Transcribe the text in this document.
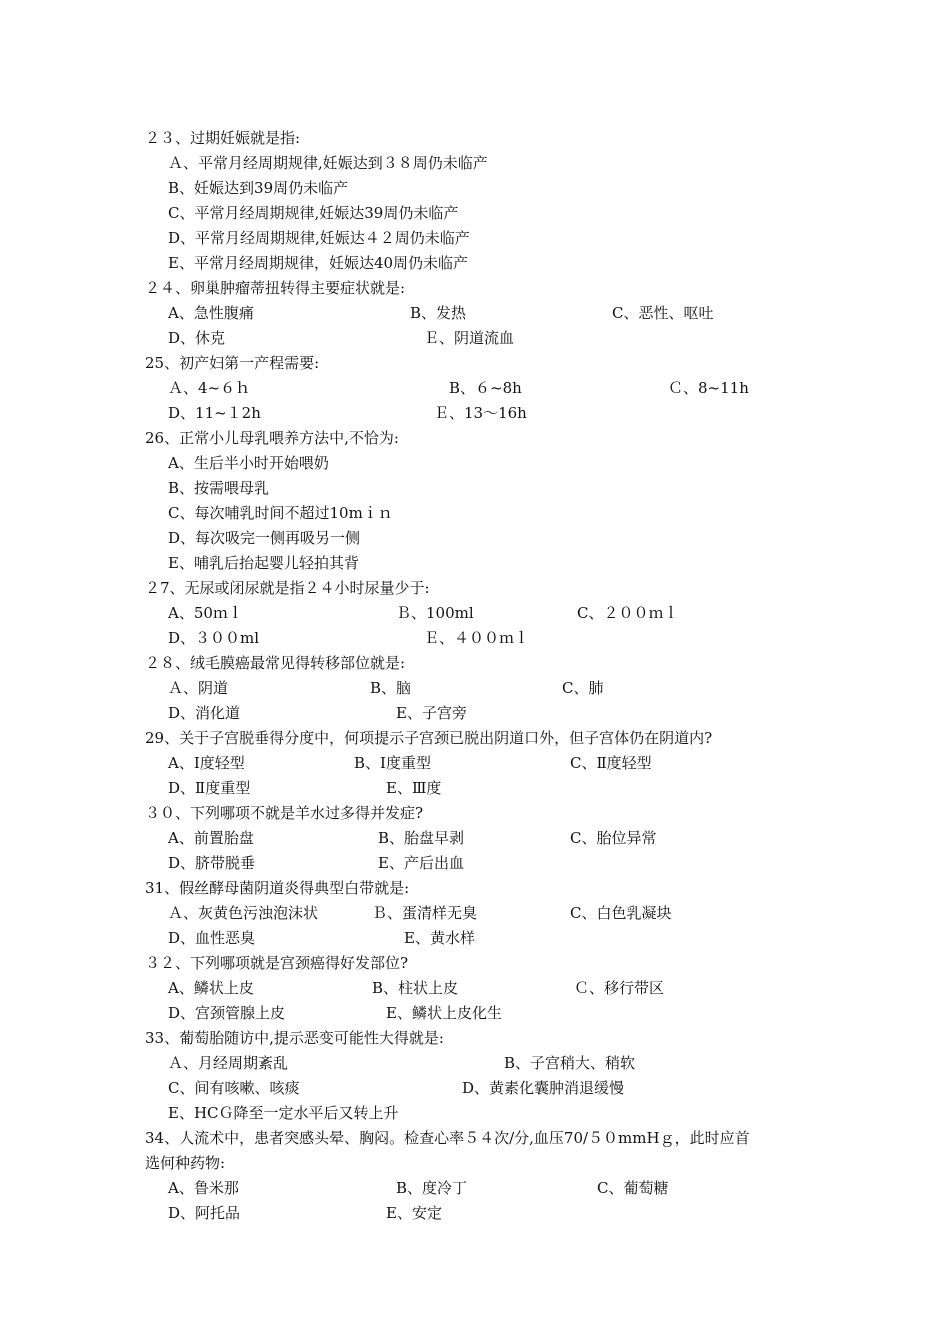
２３、过期妊娠就是指:
Ａ、平常月经周期规律,妊娠达到３８周仍未临产
B、妊娠达到39周仍未临产
C、平常月经周期规律,妊娠达39周仍未临产
D、平常月经周期规律,妊娠达４２周仍未临产
E、平常月经周期规律，妊娠达40周仍未临产
２４、卵巢肿瘤蒂扭转得主要症状就是:
A、急性腹痛	B、发热	C、恶性、呕吐
D、休克	Ｅ、阴道流血
25、初产妇第一产程需要:
Ａ、4~６ｈ	B、６~8h	Ｃ、8~11h
D、11~１2h	Ｅ、13～16h
26、正常小儿母乳喂养方法中,不恰为:
A、生后半小时开始喂奶
B、按需喂母乳
C、每次哺乳时间不超过10mｉｎ
D、每次吸完一侧再吸另一侧
E、哺乳后抬起婴儿轻拍其背
２7、无尿或闭尿就是指２４小时尿量少于:
A、50ｍｌ	Ｂ、100ml	C、２００ｍｌ
D、３００ml	Ｅ、４００ｍｌ
２８、绒毛膜癌最常见得转移部位就是:
Ａ、阴道	B、脑	C、肺
D、消化道	E、子宫旁
29、关于子宫脱垂得分度中，何项提示子宫颈已脱出阴道口外，但子宫体仍在阴道内?
A、Ⅰ度轻型	B、Ⅰ度重型	C、Ⅱ度轻型
D、Ⅱ度重型	E、Ⅲ度
３０、下列哪项不就是羊水过多得并发症?
A、前置胎盘	B、胎盘早剥	C、胎位异常
D、脐带脱垂	E、产后出血
31、假丝酵母菌阴道炎得典型白带就是:
Ａ、灰黄色污浊泡沫状	Ｂ、蛋清样无臭	C、白色乳凝块
D、血性恶臭	E、黄水样
３２、下列哪项就是宫颈癌得好发部位?
A、鳞状上皮	B、柱状上皮	Ｃ、移行带区
D、宫颈管腺上皮	E、鳞状上皮化生
33、葡萄胎随访中,提示恶变可能性大得就是:
Ａ、月经周期紊乱	B、子宫稍大、稍软
C、间有咳嗽、咳痰	D、黄素化囊肿消退缓慢
E、HCＧ降至一定水平后又转上升
34、人流术中，患者突感头晕、胸闷。检查心率５４次/分,血压70/５０mmHｇ，此时应首
选何种药物:
A、鲁米那	B、度冷丁	C、葡萄糖
D、阿托品	E、安定
